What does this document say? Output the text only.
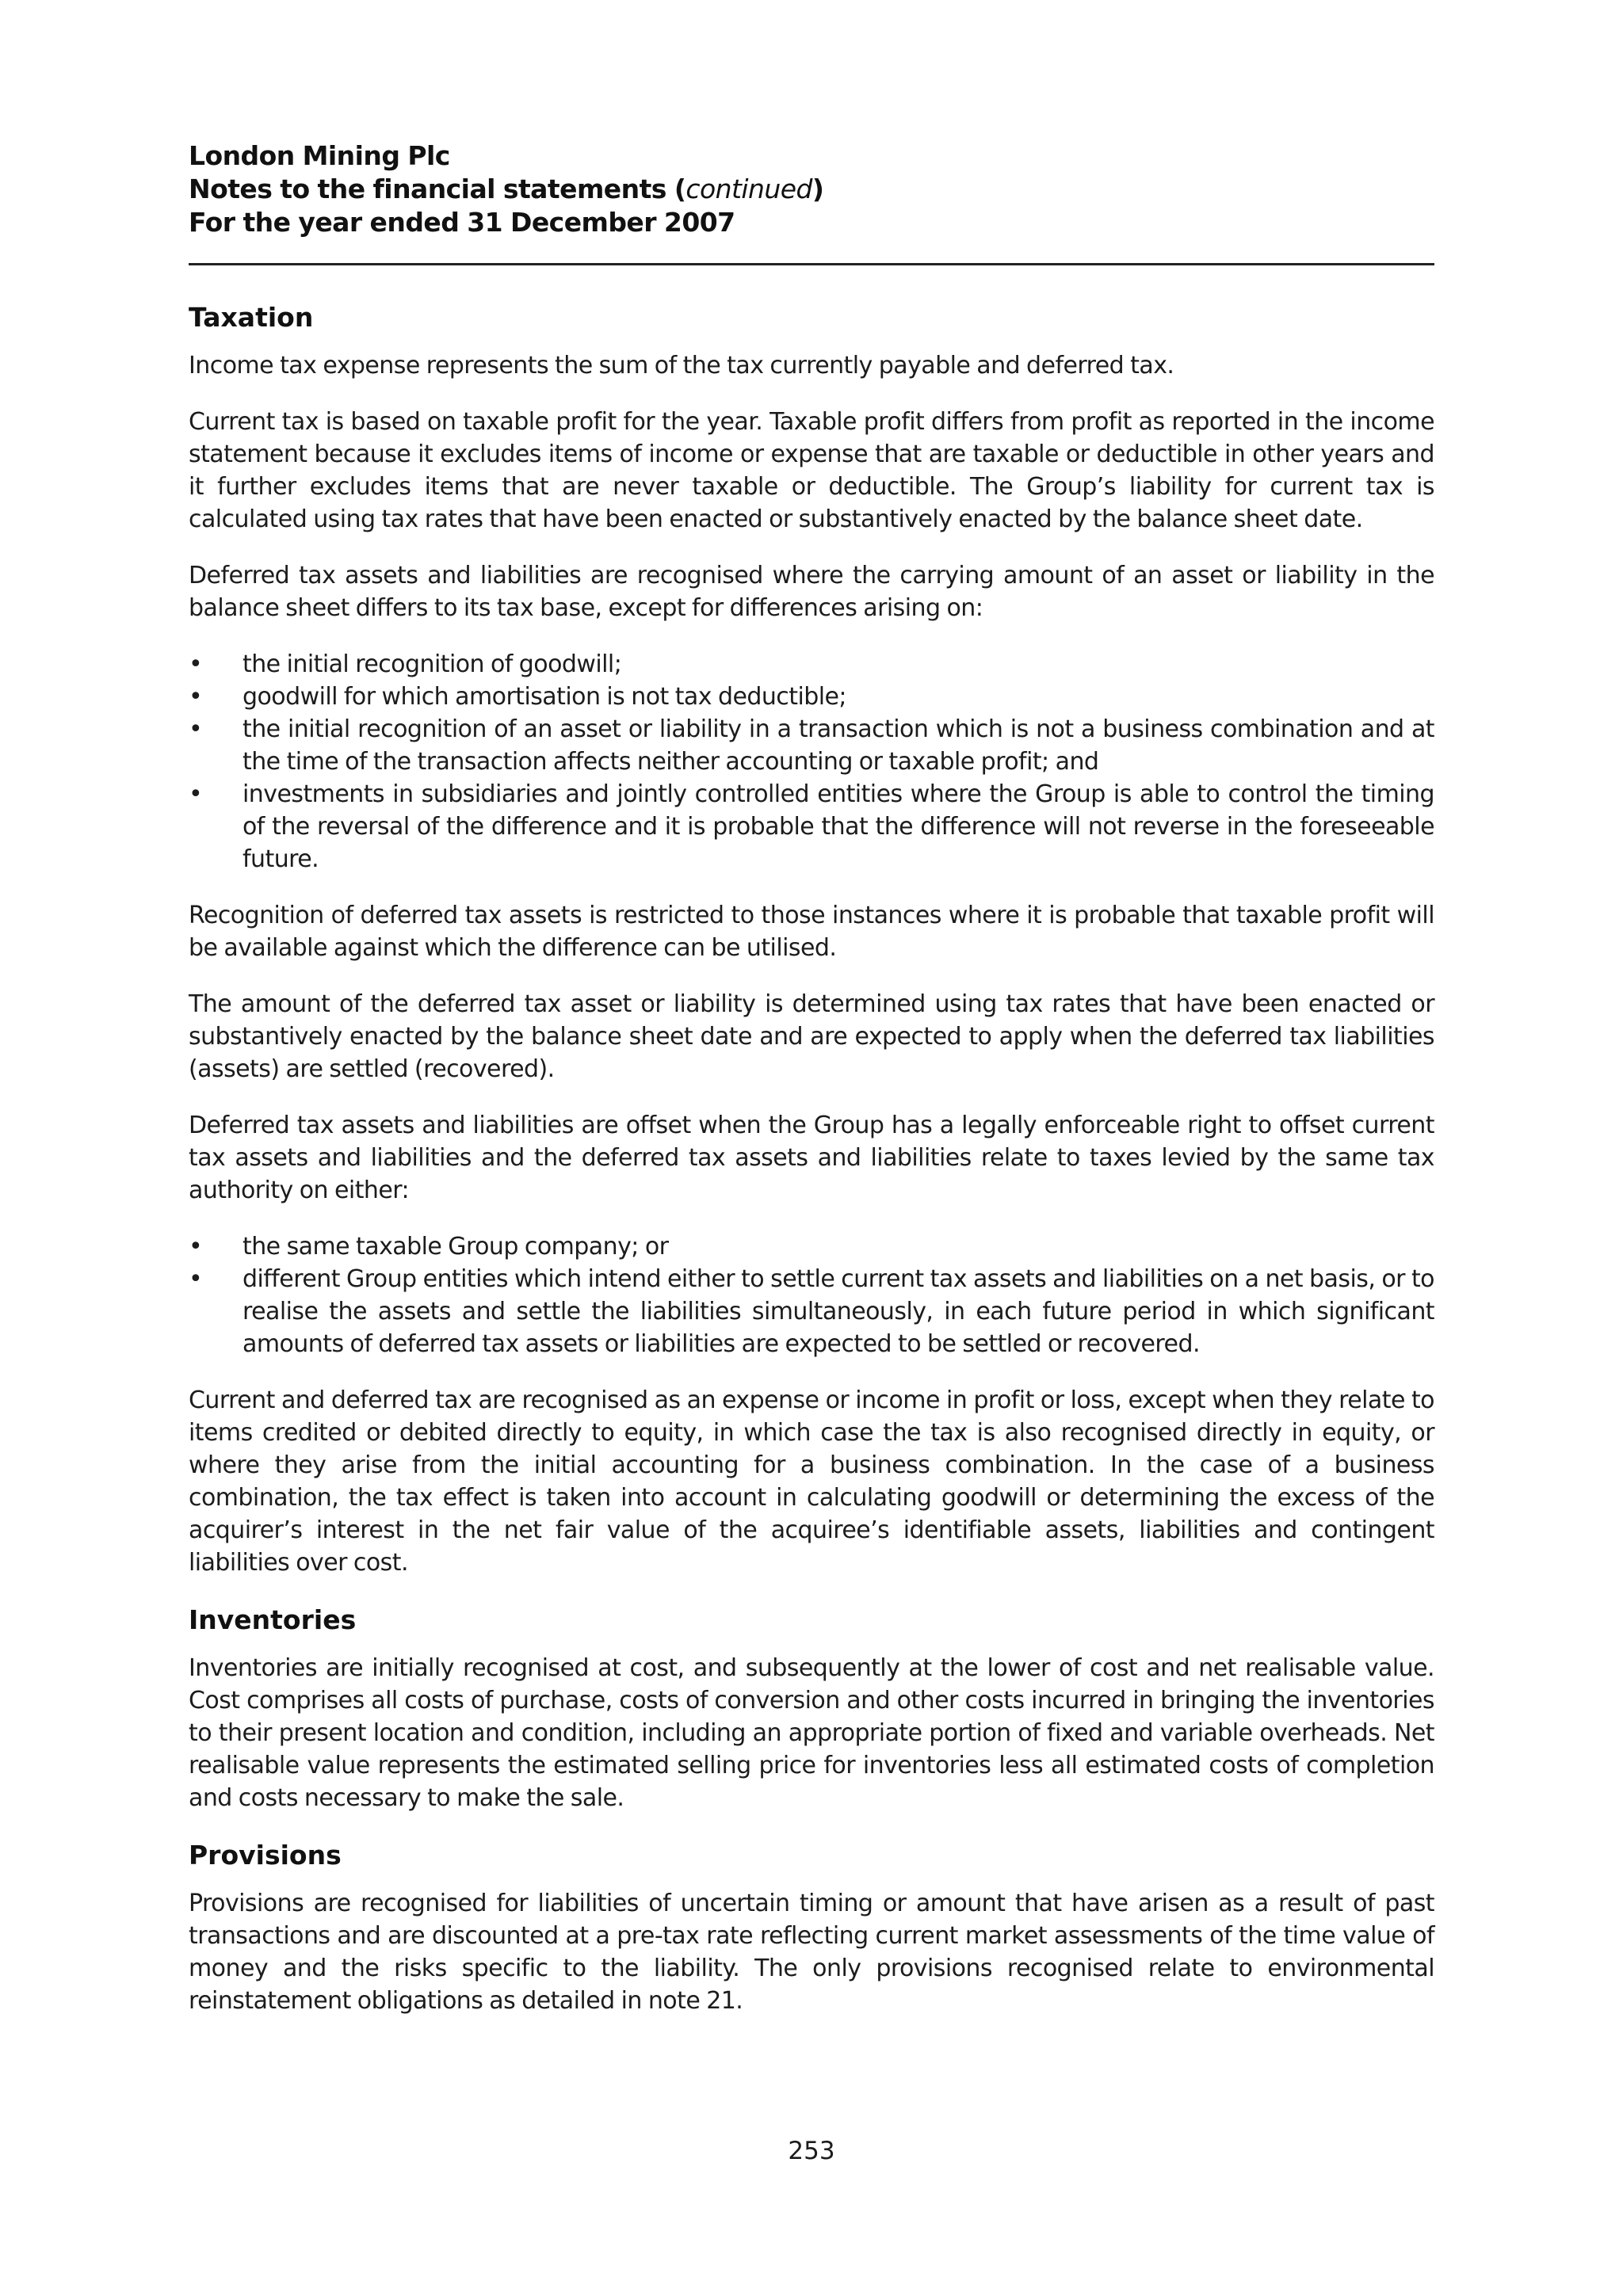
London Mining Plc

Notes to the financial statements (continued)

For the year ended 31 December 2007

Taxation

Income tax expense represents the sum of the tax currently payable and deferred tax.

Current tax is based on taxable profit for the year. Taxable profit differs from profit as reported in the income statement because it excludes items of income or expense that are taxable or deductible in other years and it further excludes items that are never taxable or deductible. The Group’s liability for current tax is calculated using tax rates that have been enacted or substantively enacted by the balance sheet date.

Deferred tax assets and liabilities are recognised where the carrying amount of an asset or liability in the balance sheet differs to its tax base, except for differences arising on:

• the initial recognition of goodwill;
• goodwill for which amortisation is not tax deductible;
• the initial recognition of an asset or liability in a transaction which is not a business combination and at the time of the transaction affects neither accounting or taxable profit; and
• investments in subsidiaries and jointly controlled entities where the Group is able to control the timing of the reversal of the difference and it is probable that the difference will not reverse in the foreseeable future.

Recognition of deferred tax assets is restricted to those instances where it is probable that taxable profit will be available against which the difference can be utilised.

The amount of the deferred tax asset or liability is determined using tax rates that have been enacted or substantively enacted by the balance sheet date and are expected to apply when the deferred tax liabilities (assets) are settled (recovered).

Deferred tax assets and liabilities are offset when the Group has a legally enforceable right to offset current tax assets and liabilities and the deferred tax assets and liabilities relate to taxes levied by the same tax authority on either:

• the same taxable Group company; or
• different Group entities which intend either to settle current tax assets and liabilities on a net basis, or to realise the assets and settle the liabilities simultaneously, in each future period in which significant amounts of deferred tax assets or liabilities are expected to be settled or recovered.

Current and deferred tax are recognised as an expense or income in profit or loss, except when they relate to items credited or debited directly to equity, in which case the tax is also recognised directly in equity, or where they arise from the initial accounting for a business combination. In the case of a business combination, the tax effect is taken into account in calculating goodwill or determining the excess of the acquirer’s interest in the net fair value of the acquiree’s identifiable assets, liabilities and contingent liabilities over cost.

Inventories

Inventories are initially recognised at cost, and subsequently at the lower of cost and net realisable value. Cost comprises all costs of purchase, costs of conversion and other costs incurred in bringing the inventories to their present location and condition, including an appropriate portion of fixed and variable overheads. Net realisable value represents the estimated selling price for inventories less all estimated costs of completion and costs necessary to make the sale.

Provisions

Provisions are recognised for liabilities of uncertain timing or amount that have arisen as a result of past transactions and are discounted at a pre-tax rate reflecting current market assessments of the time value of money and the risks specific to the liability. The only provisions recognised relate to environmental reinstatement obligations as detailed in note 21.

253
